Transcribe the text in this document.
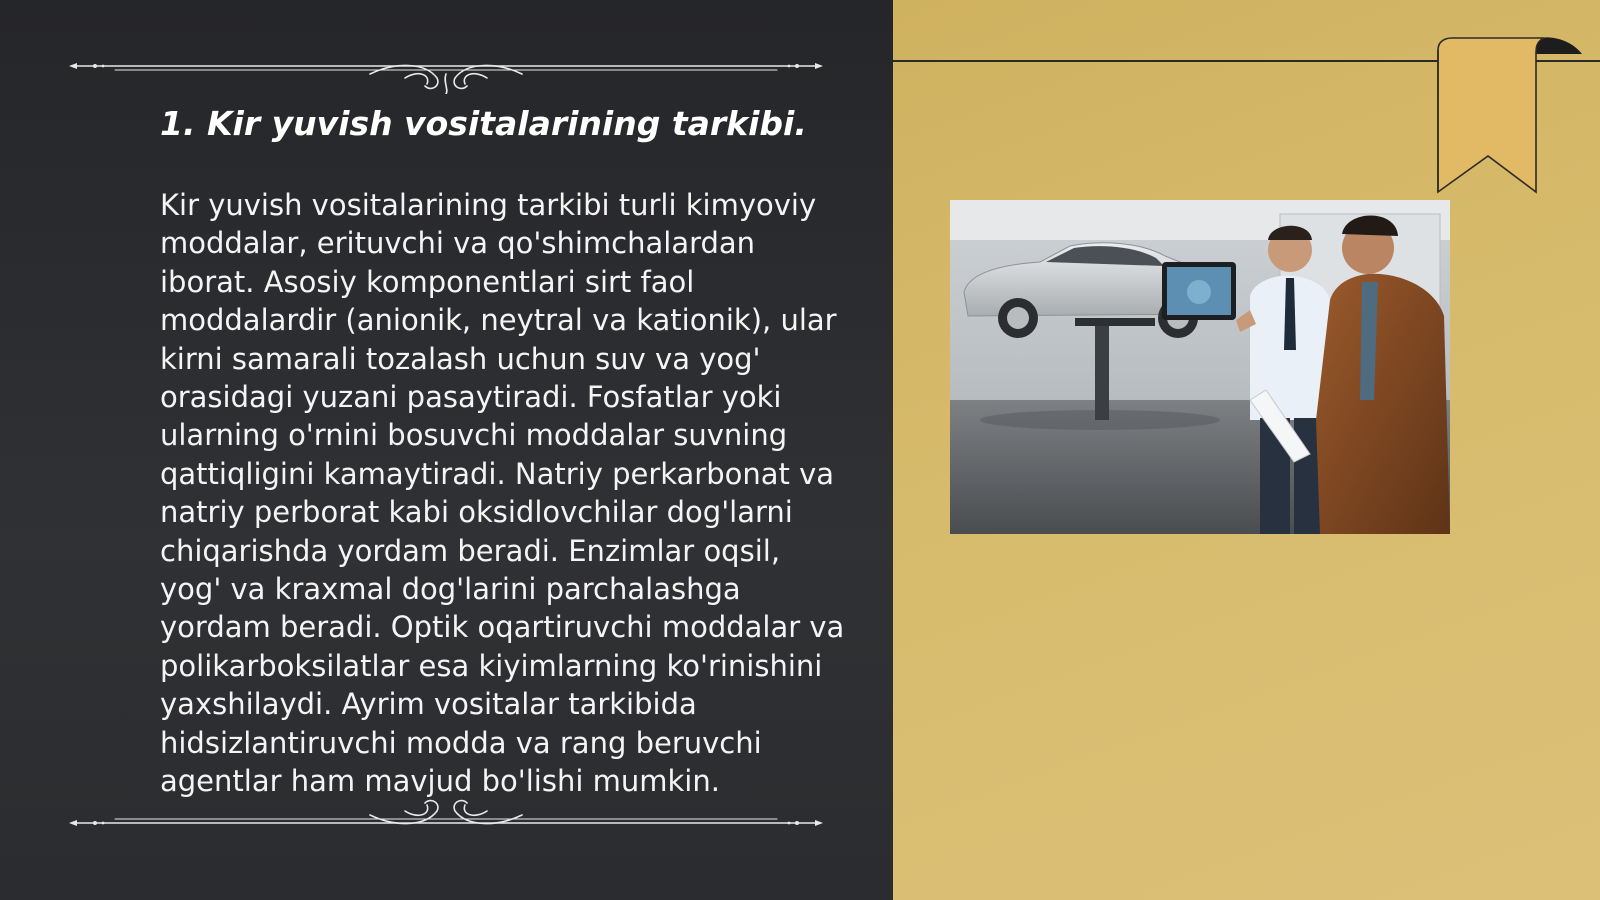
1. Kir yuvish vositalarining tarkibi.

Kir yuvish vositalarining tarkibi turli kimyoviy moddalar, erituvchi va qo'shimchalardan iborat. Asosiy komponentlari sirt faol moddalardir (anionik, neytral va kationik), ular kirni samarali tozalash uchun suv va yog' orasidagi yuzani pasaytiradi. Fosfatlar yoki ularning o'rnini bosuvchi moddalar suvning qattiqligini kamaytiradi. Natriy perkarbonat va natriy perborat kabi oksidlovchilar dog'larni chiqarishda yordam beradi. Enzimlar oqsil, yog' va kraxmal dog'larini parchalashga yordam beradi. Optik oqartiruvchi moddalar va polikarboksilatlar esa kiyimlarning ko'rinishini yaxshilaydi. Ayrim vositalar tarkibida hidsizlantiruvchi modda va rang beruvchi agentlar ham mavjud bo'lishi mumkin.
